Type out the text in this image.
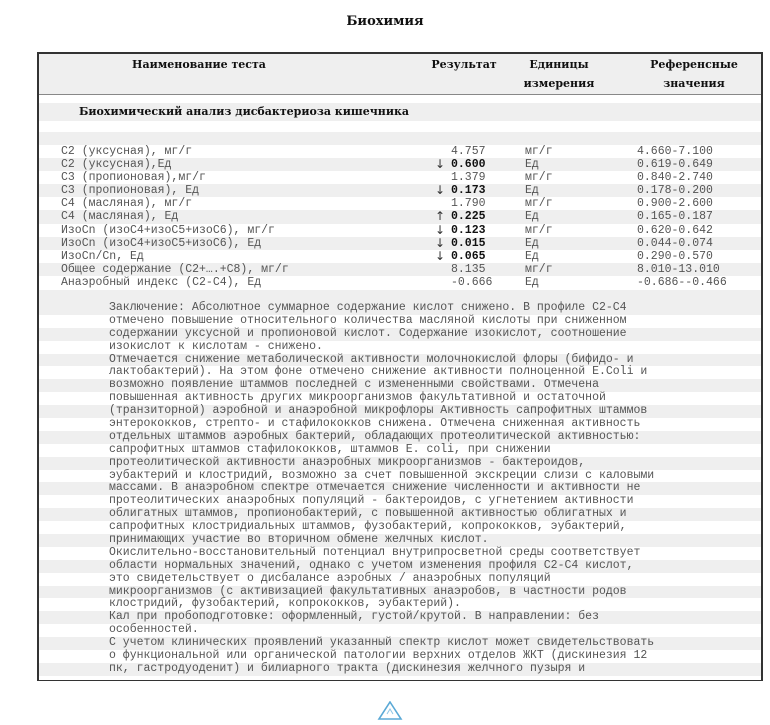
Биохимия
Наименование теста	Результат	Единицы
измерения
Референсные
значения
Биохимический анализ дисбактериоза кишечника
С2 (уксусная), мг/г	4.757	мг/г	4.660-7.100
С2 (уксусная),Ед	↓ 0.600	Ед	0.619-0.649
С3 (пропионовая),мг/г	1.379	мг/г	0.840-2.740
С3 (пропионовая), Ед	↓ 0.173	Ед	0.178-0.200
С4 (масляная), мг/г	1.790	мг/г	0.900-2.600
С4 (масляная), Ед	↑ 0.225	Ед	0.165-0.187
ИзоСn (изоС4+изоС5+изоС6), мг/г	↓ 0.123	мг/г	0.620-0.642
ИзоСn (изоС4+изоС5+изоС6), Ед	↓ 0.015	Ед	0.044-0.074
ИзоСn/Сn, Ед	↓ 0.065	Ед	0.290-0.570
Общее содержание (С2+….+С8), мг/г	8.135	мг/г	8.010-13.010
Анаэробный индекс (С2-С4), Ед	-0.666	Ед	-0.686--0.466
Заключение: Абсолютное суммарное содержание кислот снижено. В профиле С2-С4
отмечено повышение относительного количества масляной кислоты при сниженном
содержании уксусной и пропионовой кислот. Содержание изокислот, соотношение
изокислот к кислотам - снижено.
Отмечается снижение метаболической активности молочнокислой флоры (бифидо- и
лактобактерий). На этом фоне отмечено снижение активности полноценной E.Coli и
возможно появление штаммов последней с измененными свойствами. Отмечена
повышенная активность других микроорганизмов факультативной и остаточной
(транзиторной) аэробной и анаэробной микрофлоры Активность сапрофитных штаммов
энтерококков, стрепто- и стафилококков снижена. Отмечена сниженная активность
отдельных штаммов аэробных бактерий, обладающих протеолитической активностью:
сапрофитных штаммов стафилококков, штаммов E. coli, при снижении
протеолитической активности анаэробных микроорганизмов - бактероидов,
эубактерий и клостридий, возможно за счет повышенной экскреции слизи с каловыми
массами. В анаэробном спектре отмечается снижение численности и активности не
протеолитических анаэробных популяций - бактероидов, с угнетением активности
облигатных штаммов, пропионобактерий, с повышенной активностью облигатных и
сапрофитных клостридиальных штаммов, фузобактерий, копрококков, эубактерий,
принимающих участие во вторичном обмене желчных кислот.
Окислительно-восстановительный потенциал внутрипросветной среды соответствует
области нормальных значений, однако с учетом изменения профиля С2-С4 кислот,
это свидетельствует о дисбалансе аэробных / анаэробных популяций
микроорганизмов (с активизацией факультативных анаэробов, в частности родов
клостридий, фузобактерий, копрококков, эубактерий).
Кал при пробоподготовке: оформленный, густой/крутой. В направлении: без
особенностей.
С учетом клинических проявлений указанный спектр кислот может свидетельствовать
о функциональной или органической патологии верхних отделов ЖКТ (дискинезия 12
пк, гастродуоденит) и билиарного тракта (дискинезия желчного пузыря и
